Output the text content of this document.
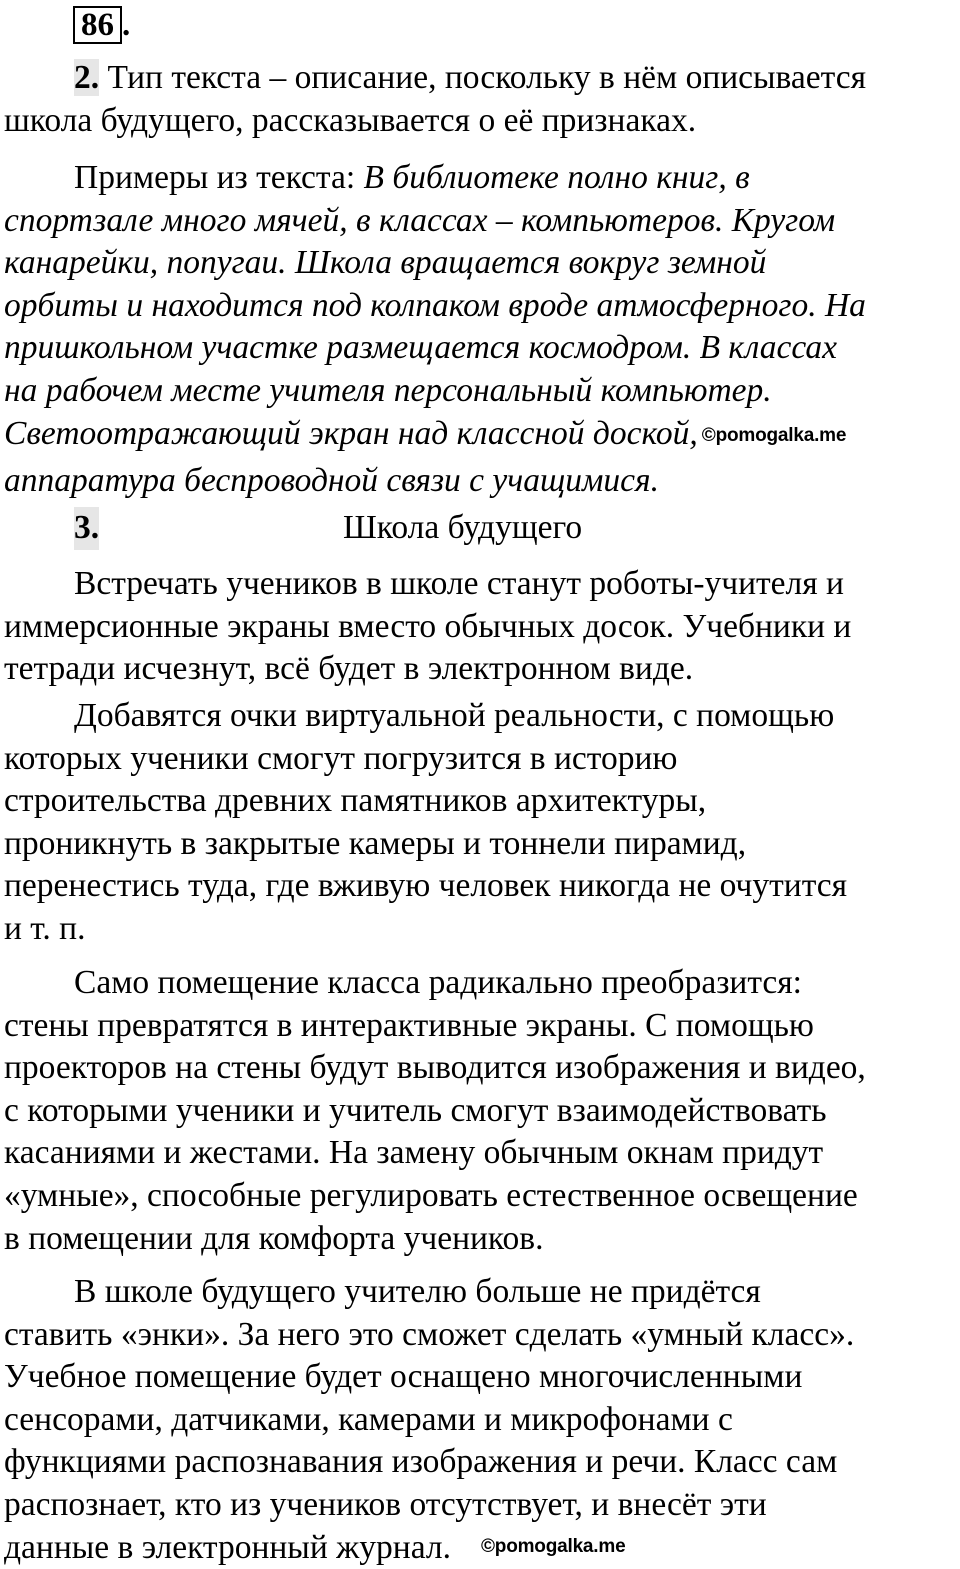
86 .
2. Тип текста – описание, поскольку в нём описывается
школа будущего, рассказывается о её признаках.
Примеры из текста: В библиотеке полно книг, в
спортзале много мячей, в классах – компьютеров. Кругом
канарейки, попугаи. Школа вращается вокруг земной
орбиты и находится под колпаком вроде атмосферного. На
пришкольном участке размещается космодром. В классах
на рабочем месте учителя персональный компьютер.
Светоотражающий экран над классной доской, ©pomogalka.me
аппаратура беспроводной связи с учащимися.
3.	Школа будущего
Встречать учеников в школе станут роботы-учителя и
иммерсионные экраны вместо обычных досок. Учебники и
тетради исчезнут, всё будет в электронном виде.
Добавятся очки виртуальной реальности, с помощью
которых ученики смогут погрузится в историю
строительства древних памятников архитектуры,
проникнуть в закрытые камеры и тоннели пирамид,
перенестись туда, где вживую человек никогда не очутится
и т. п.
Само помещение класса радикально преобразится:
стены превратятся в интерактивные экраны. С помощью
проекторов на стены будут выводится изображения и видео,
с которыми ученики и учитель смогут взаимодействовать
касаниями и жестами. На замену обычным окнам придут
«умные», способные регулировать естественное освещение
в помещении для комфорта учеников.
В школе будущего учителю больше не придётся
ставить «энки». За него это сможет сделать «умный класс».
Учебное помещение будет оснащено многочисленными
сенсорами, датчиками, камерами и микрофонами с
функциями распознавания изображения и речи. Класс сам
распознает, кто из учеников отсутствует, и внесёт эти
данные в электронный журнал.	©pomogalka.me
